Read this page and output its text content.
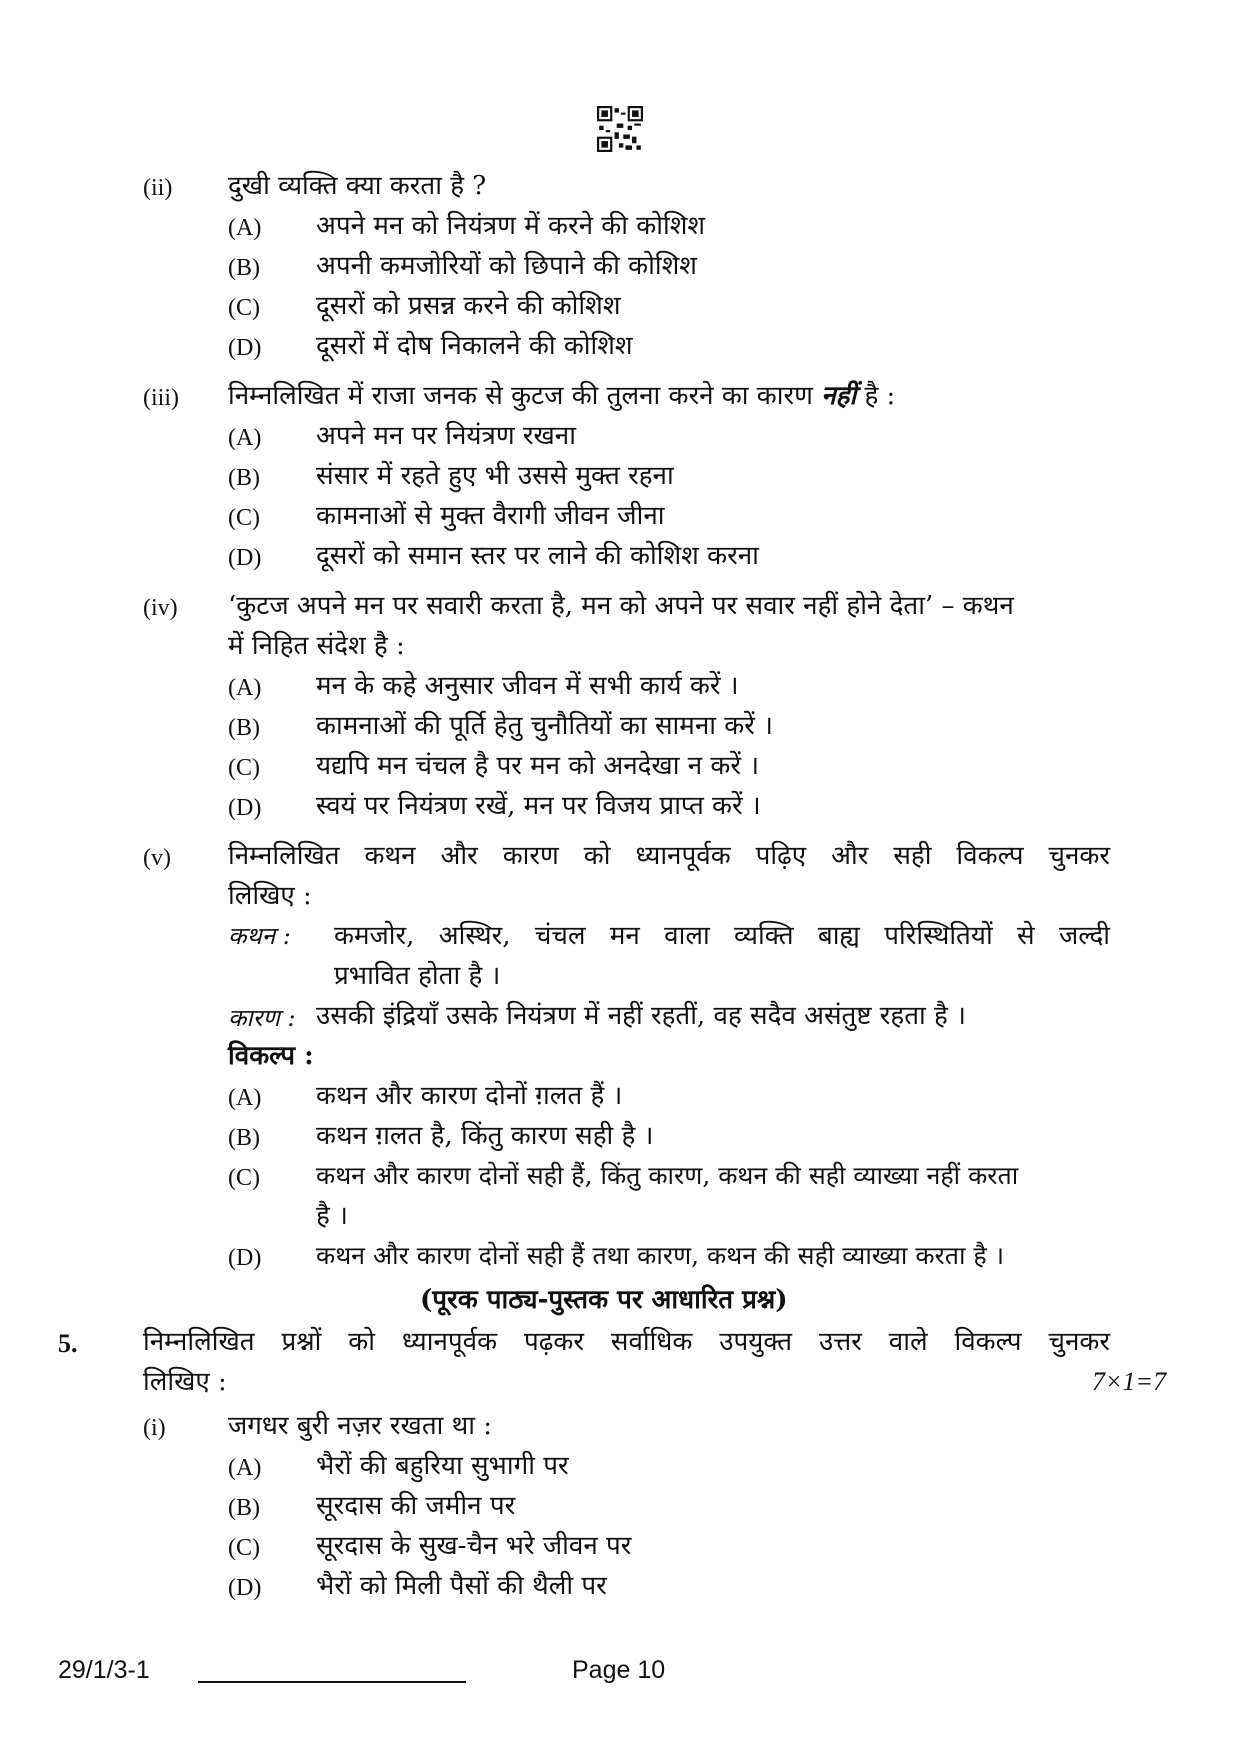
(ii) दुखी व्यक्ति क्या करता है ?
(A) अपने मन को नियंत्रण में करने की कोशिश
(B) अपनी कमजोरियों को छिपाने की कोशिश
(C) दूसरों को प्रसन्न करने की कोशिश
(D) दूसरों में दोष निकालने की कोशिश
(iii) निम्नलिखित में राजा जनक से कुटज की तुलना करने का कारण नहीं है :
(A) अपने मन पर नियंत्रण रखना
(B) संसार में रहते हुए भी उससे मुक्त रहना
(C) कामनाओं से मुक्त वैरागी जीवन जीना
(D) दूसरों को समान स्तर पर लाने की कोशिश करना
(iv) ‘कुटज अपने मन पर सवारी करता है, मन को अपने पर सवार नहीं होने देता’ – कथन
में निहित संदेश है :
(A) मन के कहे अनुसार जीवन में सभी कार्य करें ।
(B) कामनाओं की पूर्ति हेतु चुनौतियों का सामना करें ।
(C) यद्यपि मन चंचल है पर मन को अनदेखा न करें ।
(D) स्वयं पर नियंत्रण रखें, मन पर विजय प्राप्त करें ।
(v) निम्नलिखित कथन और कारण को ध्यानपूर्वक पढ़िए और सही विकल्प चुनकर
लिखिए :
कथन : कमजोर, अस्थिर, चंचल मन वाला व्यक्ति बाह्य परिस्थितियों से जल्दी
प्रभावित होता है ।
कारण : उसकी इंद्रियाँ उसके नियंत्रण में नहीं रहतीं, वह सदैव असंतुष्ट रहता है ।
विकल्प :
(A) कथन और कारण दोनों ग़लत हैं ।
(B) कथन ग़लत है, किंतु कारण सही है ।
(C) कथन और कारण दोनों सही हैं, किंतु कारण, कथन की सही व्याख्या नहीं करता
है ।
(D) कथन और कारण दोनों सही हैं तथा कारण, कथन की सही व्याख्या करता है ।
(पूरक पाठ्य-पुस्तक पर आधारित प्रश्न)
5.	निम्नलिखित प्रश्नों को ध्यानपूर्वक पढ़कर सर्वाधिक उपयुक्त उत्तर वाले विकल्प चुनकर
लिखिए :	7×1=7
(i) जगधर बुरी नज़र रखता था :
(A) भैरों की बहुरिया सुभागी पर
(B) सूरदास की जमीन पर
(C) सूरदास के सुख-चैन भरे जीवन पर
(D) भैरों को मिली पैसों की थैली पर
29/1/3-1	Page 10
